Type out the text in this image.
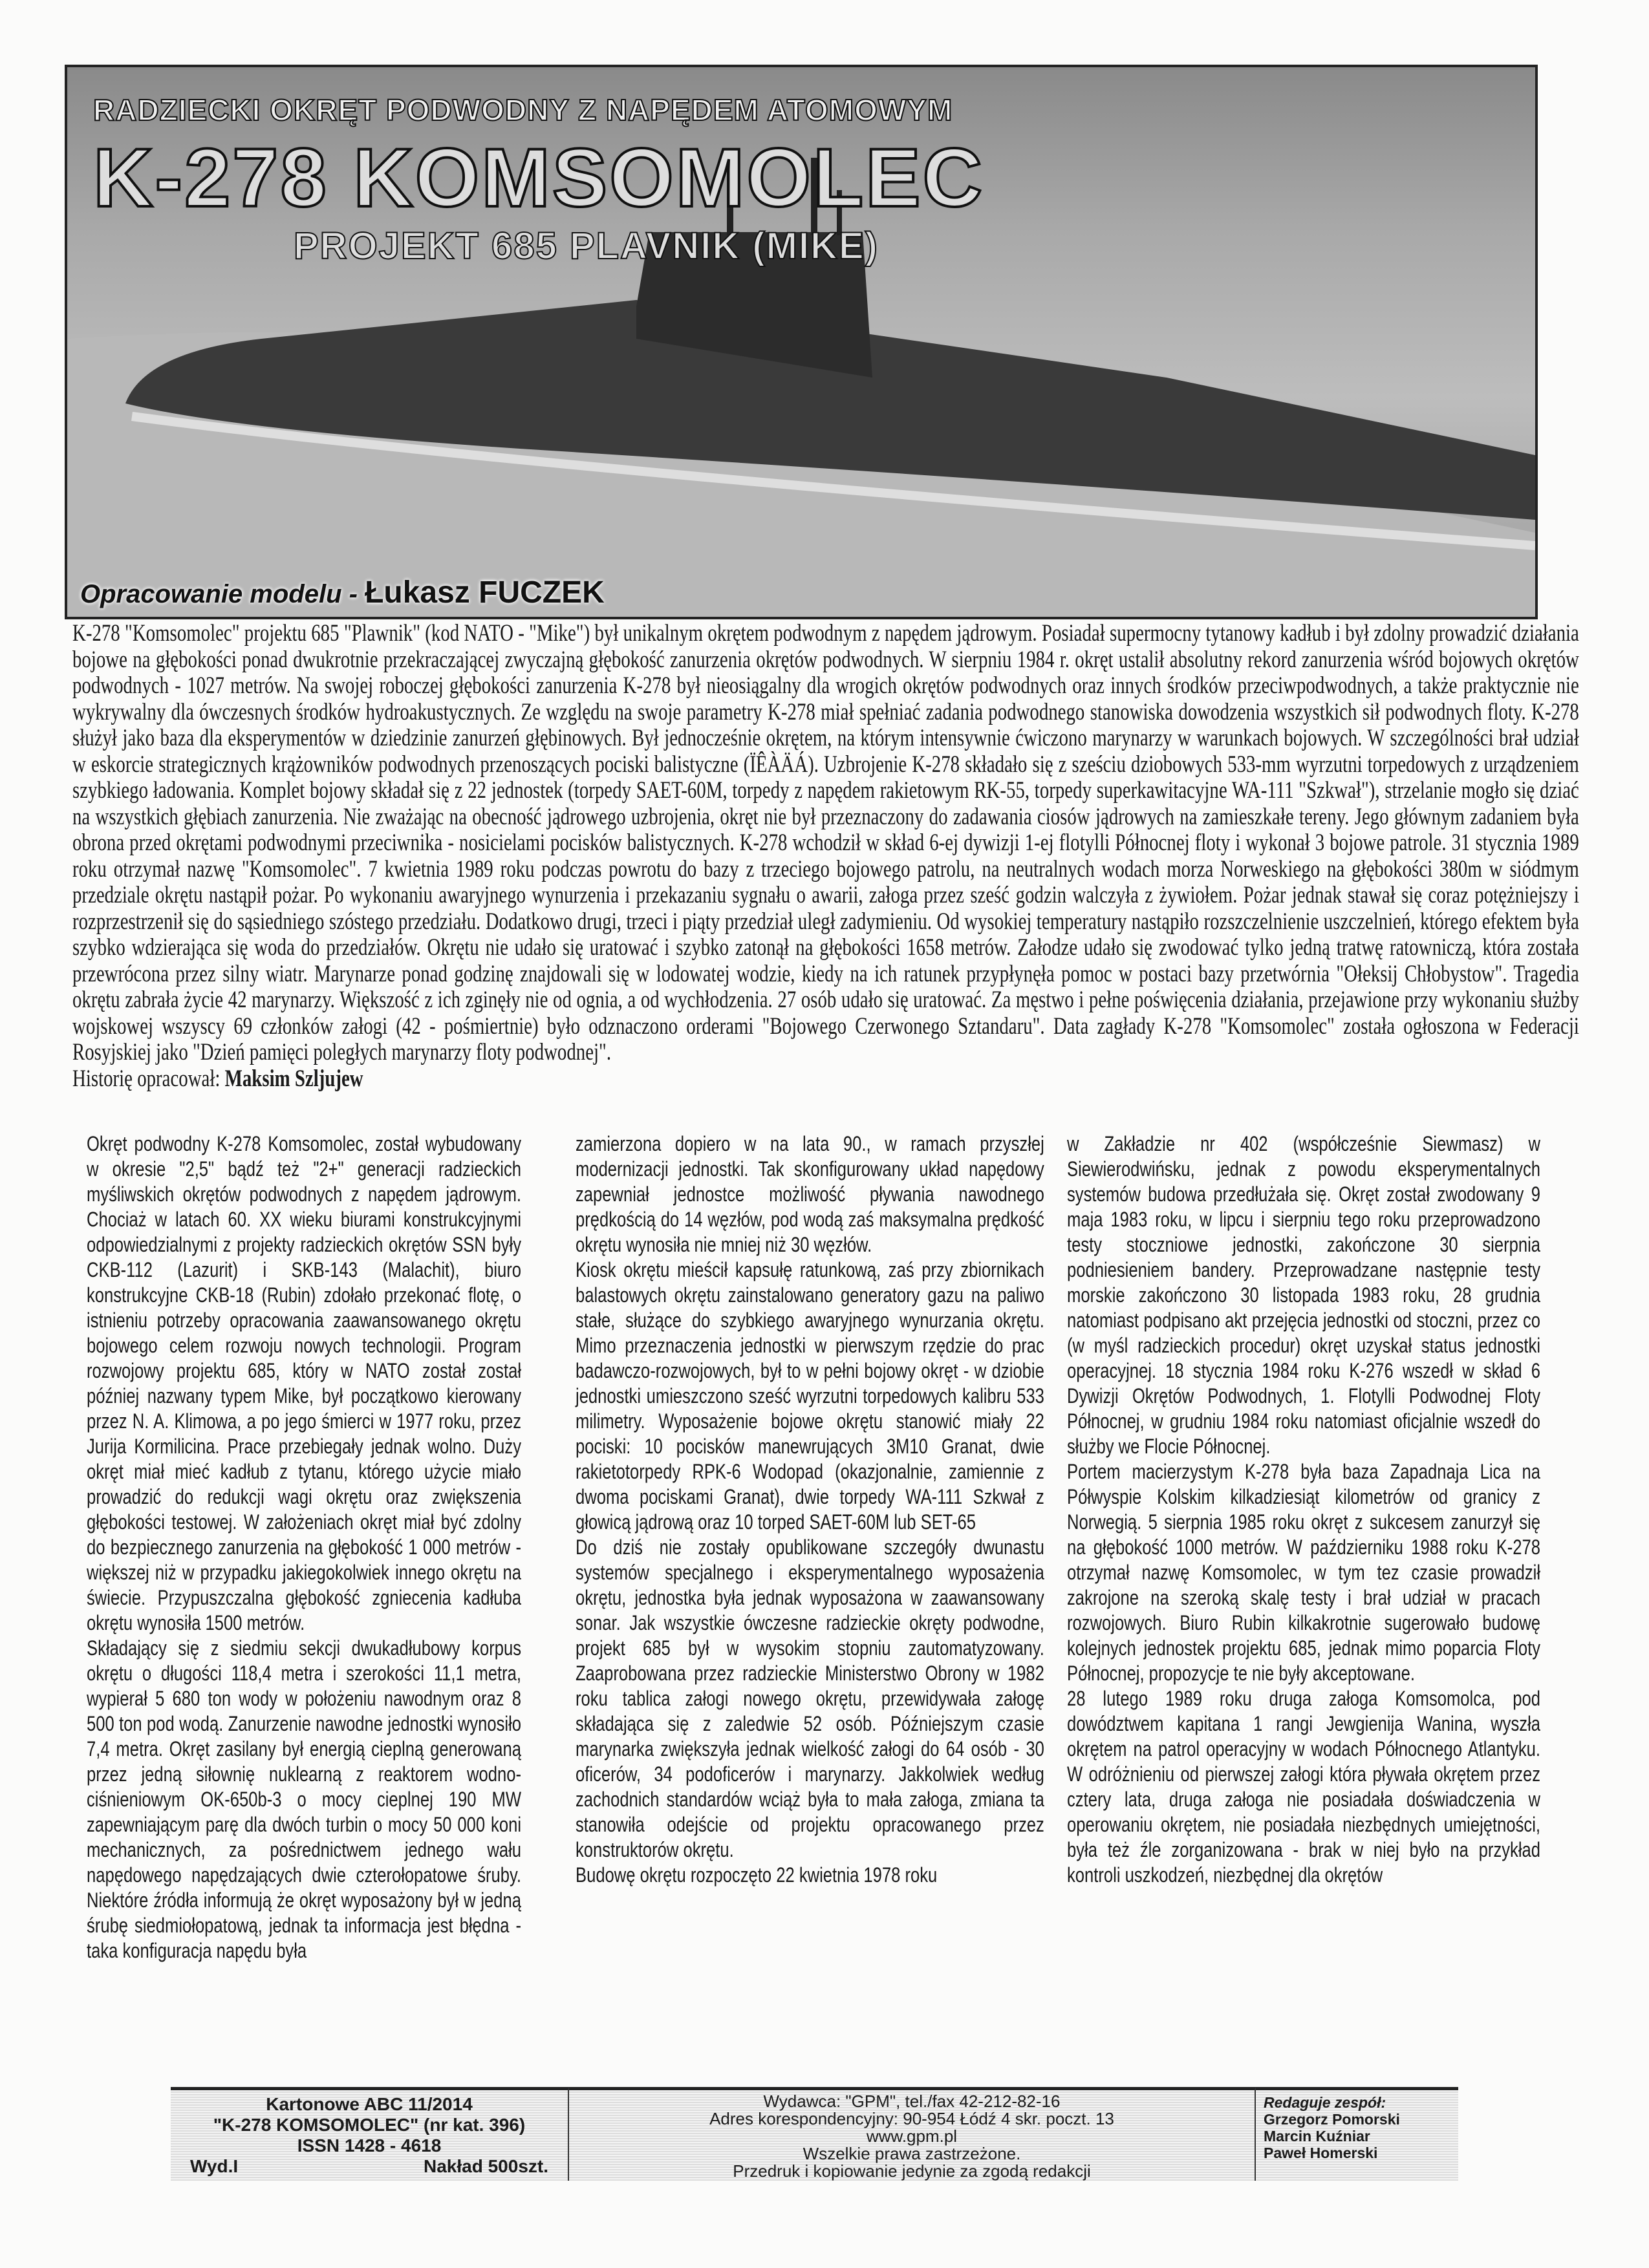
RADZIECKI OKRĘT PODWODNY Z NAPĘDEM ATOMOWYM
K-278 KOMSOMOLEC
PROJEKT 685 PLAVNIK (MIKE)
Opracowanie modelu - Łukasz FUCZEK

K-278 "Komsomolec" projektu 685 "Plawnik" (kod NATO - "Mike") był unikalnym okrętem podwodnym z napędem jądrowym. Posiadał supermocny tytanowy kadłub i był zdolny prowadzić działania bojowe na głębokości ponad dwukrotnie przekraczającej zwyczajną głębokość zanurzenia okrętów podwodnych. W sierpniu 1984 r. okręt ustalił absolutny rekord zanurzenia wśród bojowych okrętów podwodnych - 1027 metrów. Na swojej roboczej głębokości zanurzenia K-278 był nieosiągalny dla wrogich okrętów podwodnych oraz innych środków przeciwpodwodnych, a także praktycznie nie wykrywalny dla ówczesnych środków hydroakustycznych. Ze względu na swoje parametry K-278 miał spełniać zadania podwodnego stanowiska dowodzenia wszystkich sił podwodnych floty. K-278 służył jako baza dla eksperymentów w dziedzinie zanurzeń głębinowych. Był jednocześnie okrętem, na którym intensywnie ćwiczono marynarzy w warunkach bojowych. W szczególności brał udział w eskorcie strategicznych krążowników podwodnych przenoszących pociski balistyczne (ÏÊÀÄÁ). Uzbrojenie K-278 składało się z sześciu dziobowych 533-mm wyrzutni torpedowych z urządzeniem szybkiego ładowania. Komplet bojowy składał się z 22 jednostek (torpedy SAET-60M, torpedy z napędem rakietowym RK-55, torpedy superkawitacyjne WA-111 "Szkwał"), strzelanie mogło się dziać na wszystkich głębiach zanurzenia. Nie zważając na obecność jądrowego uzbrojenia, okręt nie był przeznaczony do zadawania ciosów jądrowych na zamieszkałe tereny. Jego głównym zadaniem była obrona przed okrętami podwodnymi przeciwnika - nosicielami pocisków balistycznych. K-278 wchodził w skład 6-ej dywizji 1-ej flotylli Północnej floty i wykonał 3 bojowe patrole. 31 stycznia 1989 roku otrzymał nazwę "Komsomolec". 7 kwietnia 1989 roku podczas powrotu do bazy z trzeciego bojowego patrolu, na neutralnych wodach morza Norweskiego na głębokości 380m w siódmym przedziale okrętu nastąpił pożar. Po wykonaniu awaryjnego wynurzenia i przekazaniu sygnału o awarii, załoga przez sześć godzin walczyła z żywiołem. Pożar jednak stawał się coraz potężniejszy i rozprzestrzenił się do sąsiedniego szóstego przedziału. Dodatkowo drugi, trzeci i piąty przedział uległ zadymieniu. Od wysokiej temperatury nastąpiło rozszczelnienie uszczelnień, którego efektem była szybko wdzierająca się woda do przedziałów. Okrętu nie udało się uratować i szybko zatonął na głębokości 1658 metrów. Załodze udało się zwodować tylko jedną tratwę ratowniczą, która została przewrócona przez silny wiatr. Marynarze ponad godzinę znajdowali się w lodowatej wodzie, kiedy na ich ratunek przypłynęła pomoc w postaci bazy przetwórnia "Ołeksij Chłobystow". Tragedia okrętu zabrała życie 42 marynarzy. Większość z ich zginęły nie od ognia, a od wychłodzenia. 27 osób udało się uratować. Za męstwo i pełne poświęcenia działania, przejawione przy wykonaniu służby wojskowej wszyscy 69 członków załogi (42 - pośmiertnie) było odznaczono orderami "Bojowego Czerwonego Sztandaru". Data zagłady K-278 "Komsomolec" została ogłoszona w Federacji Rosyjskiej jako "Dzień pamięci poległych marynarzy floty podwodnej".

Historię opracował: Maksim Szljujew

Okręt podwodny K-278 Komsomolec, został wybudowany w okresie "2,5" bądź też "2+" generacji radzieckich myśliwskich okrętów podwodnych z napędem jądrowym. Chociaż w latach 60. XX wieku biurami konstrukcyjnymi odpowiedzialnymi z projekty radzieckich okrętów SSN były CKB-112 (Lazurit) i SKB-143 (Malachit), biuro konstrukcyjne CKB-18 (Rubin) zdołało przekonać flotę, o istnieniu potrzeby opracowania zaawansowanego okrętu bojowego celem rozwoju nowych technologii. Program rozwojowy projektu 685, który w NATO został został później nazwany typem Mike, był początkowo kierowany przez N. A. Klimowa, a po jego śmierci w 1977 roku, przez Jurija Kormilicina. Prace przebiegały jednak wolno. Duży okręt miał mieć kadłub z tytanu, którego użycie miało prowadzić do redukcji wagi okrętu oraz zwiększenia głębokości testowej. W założeniach okręt miał być zdolny do bezpiecznego zanurzenia na głębokość 1 000 metrów - większej niż w przypadku jakiegokolwiek innego okrętu na świecie. Przypuszczalna głębokość zgniecenia kadłuba okrętu wynosiła 1500 metrów.

Składający się z siedmiu sekcji dwukadłubowy korpus okrętu o długości 118,4 metra i szerokości 11,1 metra, wypierał 5 680 ton wody w położeniu nawodnym oraz 8 500 ton pod wodą. Zanurzenie nawodne jednostki wynosiło 7,4 metra. Okręt zasilany był energią cieplną generowaną przez jedną siłownię nuklearną z reaktorem wodno-ciśnieniowym OK-650b-3 o mocy cieplnej 190 MW zapewniającym parę dla dwóch turbin o mocy 50 000 koni mechanicznych, za pośrednictwem jednego wału napędowego napędzających dwie czterołopatowe śruby. Niektóre źródła informują że okręt wyposażony był w jedną śrubę siedmiołopatową, jednak ta informacja jest błędna - taka konfiguracja napędu była

zamierzona dopiero w na lata 90., w ramach przyszłej modernizacji jednostki. Tak skonfigurowany układ napędowy zapewniał jednostce możliwość pływania nawodnego prędkością do 14 węzłów, pod wodą zaś maksymalna prędkość okrętu wynosiła nie mniej niż 30 węzłów.

Kiosk okrętu mieścił kapsułę ratunkową, zaś przy zbiornikach balastowych okrętu zainstalowano generatory gazu na paliwo stałe, służące do szybkiego awaryjnego wynurzania okrętu. Mimo przeznaczenia jednostki w pierwszym rzędzie do prac badawczo-rozwojowych, był to w pełni bojowy okręt - w dziobie jednostki umieszczono sześć wyrzutni torpedowych kalibru 533 milimetry. Wyposażenie bojowe okrętu stanowić miały 22 pociski: 10 pocisków manewrujących 3M10 Granat, dwie rakietotorpedy RPK-6 Wodopad (okazjonalnie, zamiennie z dwoma pociskami Granat), dwie torpedy WA-111 Szkwał z głowicą jądrową oraz 10 torped SAET-60M lub SET-65

Do dziś nie zostały opublikowane szczegóły dwunastu systemów specjalnego i eksperymentalnego wyposażenia okrętu, jednostka była jednak wyposażona w zaawansowany sonar. Jak wszystkie ówczesne radzieckie okręty podwodne, projekt 685 był w wysokim stopniu zautomatyzowany. Zaaprobowana przez radzieckie Ministerstwo Obrony w 1982 roku tablica załogi nowego okrętu, przewidywała załogę składająca się z zaledwie 52 osób. Późniejszym czasie marynarka zwiększyła jednak wielkość załogi do 64 osób - 30 oficerów, 34 podoficerów i marynarzy. Jakkolwiek według zachodnich standardów wciąż była to mała załoga, zmiana ta stanowiła odejście od projektu opracowanego przez konstruktorów okrętu.

Budowę okrętu rozpoczęto 22 kwietnia 1978 roku

w Zakładzie nr 402 (współcześnie Siewmasz) w Siewierodwińsku, jednak z powodu eksperymentalnych systemów budowa przedłużała się. Okręt został zwodowany 9 maja 1983 roku, w lipcu i sierpniu tego roku przeprowadzono testy stoczniowe jednostki, zakończone 30 sierpnia podniesieniem bandery. Przeprowadzane następnie testy morskie zakończono 30 listopada 1983 roku, 28 grudnia natomiast podpisano akt przejęcia jednostki od stoczni, przez co (w myśl radzieckich procedur) okręt uzyskał status jednostki operacyjnej. 18 stycznia 1984 roku K-276 wszedł w skład 6 Dywizji Okrętów Podwodnych, 1. Flotylli Podwodnej Floty Północnej, w grudniu 1984 roku natomiast oficjalnie wszedł do służby we Flocie Północnej.

Portem macierzystym K-278 była baza Zapadnaja Lica na Półwyspie Kolskim kilkadziesiąt kilometrów od granicy z Norwegią. 5 sierpnia 1985 roku okręt z sukcesem zanurzył się na głębokość 1000 metrów. W październiku 1988 roku K-278 otrzymał nazwę Komsomolec, w tym tez czasie prowadził zakrojone na szeroką skalę testy i brał udział w pracach rozwojowych. Biuro Rubin kilkakrotnie sugerowało budowę kolejnych jednostek projektu 685, jednak mimo poparcia Floty Północnej, propozycje te nie były akceptowane.

28 lutego 1989 roku druga załoga Komsomolca, pod dowództwem kapitana 1 rangi Jewgienija Wanina, wyszła okrętem na patrol operacyjny w wodach Północnego Atlantyku. W odróżnieniu od pierwszej załogi która pływała okrętem przez cztery lata, druga załoga nie posiadała doświadczenia w operowaniu okrętem, nie posiadała niezbędnych umiejętności, była też źle zorganizowana - brak w niej było na przykład kontroli uszkodzeń, niezbędnej dla okrętów

Kartonowe ABC 11/2014
"K-278 KOMSOMOLEC" (nr kat. 396)
ISSN 1428 - 4618
Wyd.I	Nakład 500szt.
Wydawca: "GPM", tel./fax 42-212-82-16
Adres korespondencyjny: 90-954 Łódź 4 skr. poczt. 13
www.gpm.pl
Wszelkie prawa zastrzeżone.
Przedruk i kopiowanie jedynie za zgodą redakcji
Redaguje zespół:
Grzegorz Pomorski
Marcin Kuźniar
Paweł Homerski
